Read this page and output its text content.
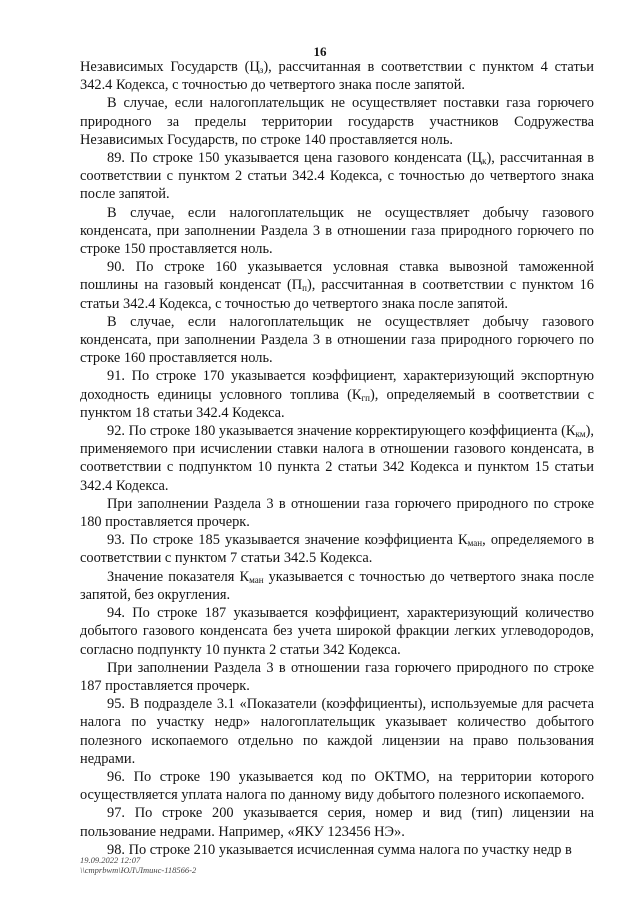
16

Независимых Государств $(Ц_з)$, рассчитанная в соответствии с пунктом 4 статьи 342.4 Кодекса, с точностью до четвертого знака после запятой.

В случае, если налогоплательщик не осуществляет поставки газа горючего природного за пределы территории государств участников Содружества Независимых Государств, по строке 140 проставляется ноль.

89. По строке 150 указывается цена газового конденсата $(Ц_к)$, рассчитанная в соответствии с пунктом 2 статьи 342.4 Кодекса, с точностью до четвертого знака после запятой.

В случае, если налогоплательщик не осуществляет добычу газового конденсата, при заполнении Раздела 3 в отношении газа природного горючего по строке 150 проставляется ноль.

90. По строке 160 указывается условная ставка вывозной таможенной пошлины на газовый конденсат $(П_п)$, рассчитанная в соответствии с пунктом 16 статьи 342.4 Кодекса, с точностью до четвертого знака после запятой.

В случае, если налогоплательщик не осуществляет добычу газового конденсата, при заполнении Раздела 3 в отношении газа природного горючего по строке 160 проставляется ноль.

91. По строке 170 указывается коэффициент, характеризующий экспортную доходность единицы условного топлива $(К_{гп})$, определяемый в соответствии с пунктом 18 статьи 342.4 Кодекса.

92. По строке 180 указывается значение корректирующего коэффициента $(К_{км})$, применяемого при исчислении ставки налога в отношении газового конденсата, в соответствии с подпунктом 10 пункта 2 статьи 342 Кодекса и пунктом 15 статьи 342.4 Кодекса.

При заполнении Раздела 3 в отношении газа горючего природного по строке 180 проставляется прочерк.

93. По строке 185 указывается значение коэффициента $К_{ман}$, определяемого в соответствии с пунктом 7 статьи 342.5 Кодекса.

Значение показателя $К_{ман}$ указывается с точностью до четвертого знака после запятой, без округления.

94. По строке 187 указывается коэффициент, характеризующий количество добытого газового конденсата без учета широкой фракции легких углеводородов, согласно подпункту 10 пункта 2 статьи 342 Кодекса.

При заполнении Раздела 3 в отношении газа горючего природного по строке 187 проставляется прочерк.

95. В подразделе 3.1 «Показатели (коэффициенты), используемые для расчета налога по участку недр» налогоплательщик указывает количество добытого полезного ископаемого отдельно по каждой лицензии на право пользования недрами.

96. По строке 190 указывается код по ОКТМО, на территории которого осуществляется уплата налога по данному виду добытого полезного ископаемого.

97. По строке 200 указывается серия, номер и вид (тип) лицензии на пользование недрами. Например, «ЯКУ 123456 НЭ».

98. По строке 210 указывается исчисленная сумма налога по участку недр в

19.09.2022 12:07
\\cmprbwm\ЮЛ\Лтинс-118566-2
